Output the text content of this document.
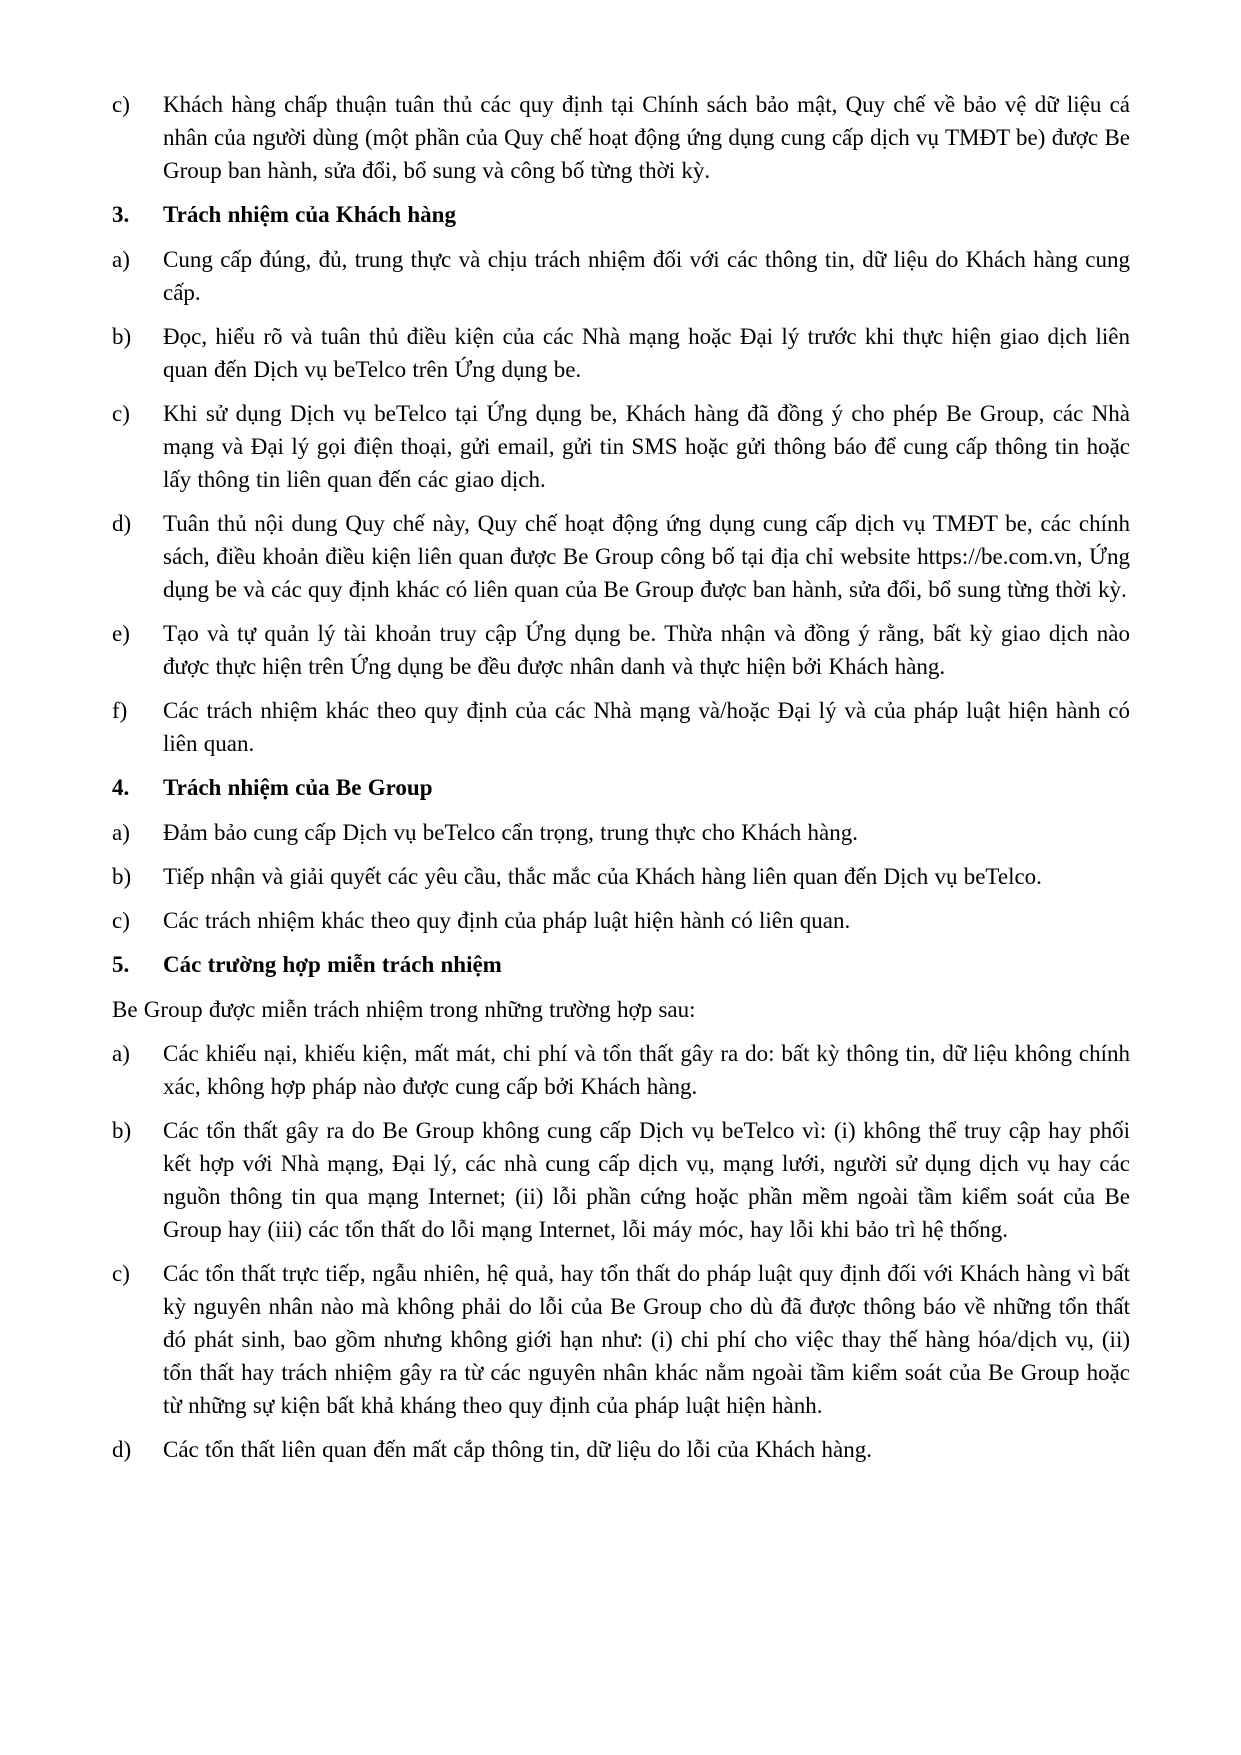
c) Khách hàng chấp thuận tuân thủ các quy định tại Chính sách bảo mật, Quy chế về bảo vệ dữ liệu cá nhân của người dùng (một phần của Quy chế hoạt động ứng dụng cung cấp dịch vụ TMĐT be) được Be Group ban hành, sửa đổi, bổ sung và công bố từng thời kỳ.
3. Trách nhiệm của Khách hàng
a) Cung cấp đúng, đủ, trung thực và chịu trách nhiệm đối với các thông tin, dữ liệu do Khách hàng cung cấp.
b) Đọc, hiểu rõ và tuân thủ điều kiện của các Nhà mạng hoặc Đại lý trước khi thực hiện giao dịch liên quan đến Dịch vụ beTelco trên Ứng dụng be.
c) Khi sử dụng Dịch vụ beTelco tại Ứng dụng be, Khách hàng đã đồng ý cho phép Be Group, các Nhà mạng và Đại lý gọi điện thoại, gửi email, gửi tin SMS hoặc gửi thông báo để cung cấp thông tin hoặc lấy thông tin liên quan đến các giao dịch.
d) Tuân thủ nội dung Quy chế này, Quy chế hoạt động ứng dụng cung cấp dịch vụ TMĐT be, các chính sách, điều khoản điều kiện liên quan được Be Group công bố tại địa chỉ website https://be.com.vn, Ứng dụng be và các quy định khác có liên quan của Be Group được ban hành, sửa đổi, bổ sung từng thời kỳ.
e) Tạo và tự quản lý tài khoản truy cập Ứng dụng be. Thừa nhận và đồng ý rằng, bất kỳ giao dịch nào được thực hiện trên Ứng dụng be đều được nhân danh và thực hiện bởi Khách hàng.
f) Các trách nhiệm khác theo quy định của các Nhà mạng và/hoặc Đại lý và của pháp luật hiện hành có liên quan.
4. Trách nhiệm của Be Group
a) Đảm bảo cung cấp Dịch vụ beTelco cẩn trọng, trung thực cho Khách hàng.
b) Tiếp nhận và giải quyết các yêu cầu, thắc mắc của Khách hàng liên quan đến Dịch vụ beTelco.
c) Các trách nhiệm khác theo quy định của pháp luật hiện hành có liên quan.
5. Các trường hợp miễn trách nhiệm
Be Group được miễn trách nhiệm trong những trường hợp sau:
a) Các khiếu nại, khiếu kiện, mất mát, chi phí và tổn thất gây ra do: bất kỳ thông tin, dữ liệu không chính xác, không hợp pháp nào được cung cấp bởi Khách hàng.
b) Các tổn thất gây ra do Be Group không cung cấp Dịch vụ beTelco vì: (i) không thể truy cập hay phối kết hợp với Nhà mạng, Đại lý, các nhà cung cấp dịch vụ, mạng lưới, người sử dụng dịch vụ hay các nguồn thông tin qua mạng Internet; (ii) lỗi phần cứng hoặc phần mềm ngoài tầm kiểm soát của Be Group hay (iii) các tổn thất do lỗi mạng Internet, lỗi máy móc, hay lỗi khi bảo trì hệ thống.
c) Các tổn thất trực tiếp, ngẫu nhiên, hệ quả, hay tổn thất do pháp luật quy định đối với Khách hàng vì bất kỳ nguyên nhân nào mà không phải do lỗi của Be Group cho dù đã được thông báo về những tổn thất đó phát sinh, bao gồm nhưng không giới hạn như: (i) chi phí cho việc thay thế hàng hóa/dịch vụ, (ii) tổn thất hay trách nhiệm gây ra từ các nguyên nhân khác nằm ngoài tầm kiểm soát của Be Group hoặc từ những sự kiện bất khả kháng theo quy định của pháp luật hiện hành.
d) Các tổn thất liên quan đến mất cắp thông tin, dữ liệu do lỗi của Khách hàng.
